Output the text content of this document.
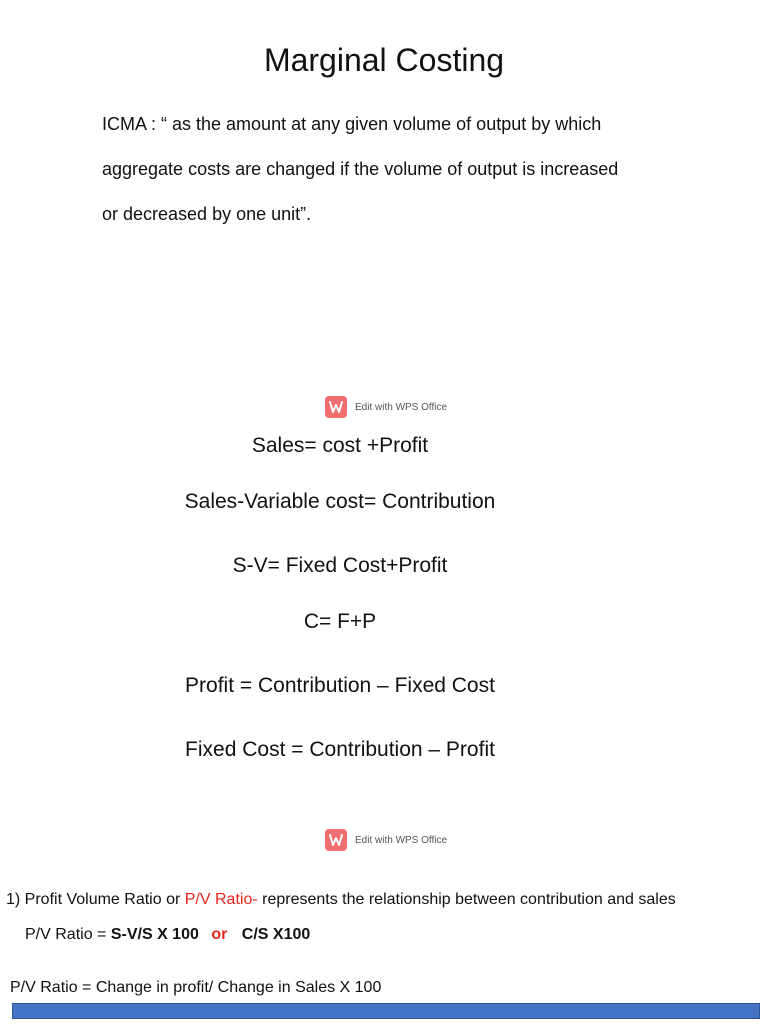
Marginal Costing
ICMA : “ as the amount at any given volume of output by which
aggregate costs are changed if the volume of output is increased
or decreased by one unit”.
Edit with WPS Office
Sales= cost +Profit
Sales-Variable cost= Contribution
S-V= Fixed Cost+Profit
C= F+P
Profit = Contribution – Fixed Cost
Fixed Cost = Contribution – Profit
Edit with WPS Office
1) Profit Volume Ratio or P/V Ratio- represents the relationship between contribution and sales
P/V Ratio = S-V/S X 100 or C/S X100
P/V Ratio = Change in profit/ Change in Sales X 100
